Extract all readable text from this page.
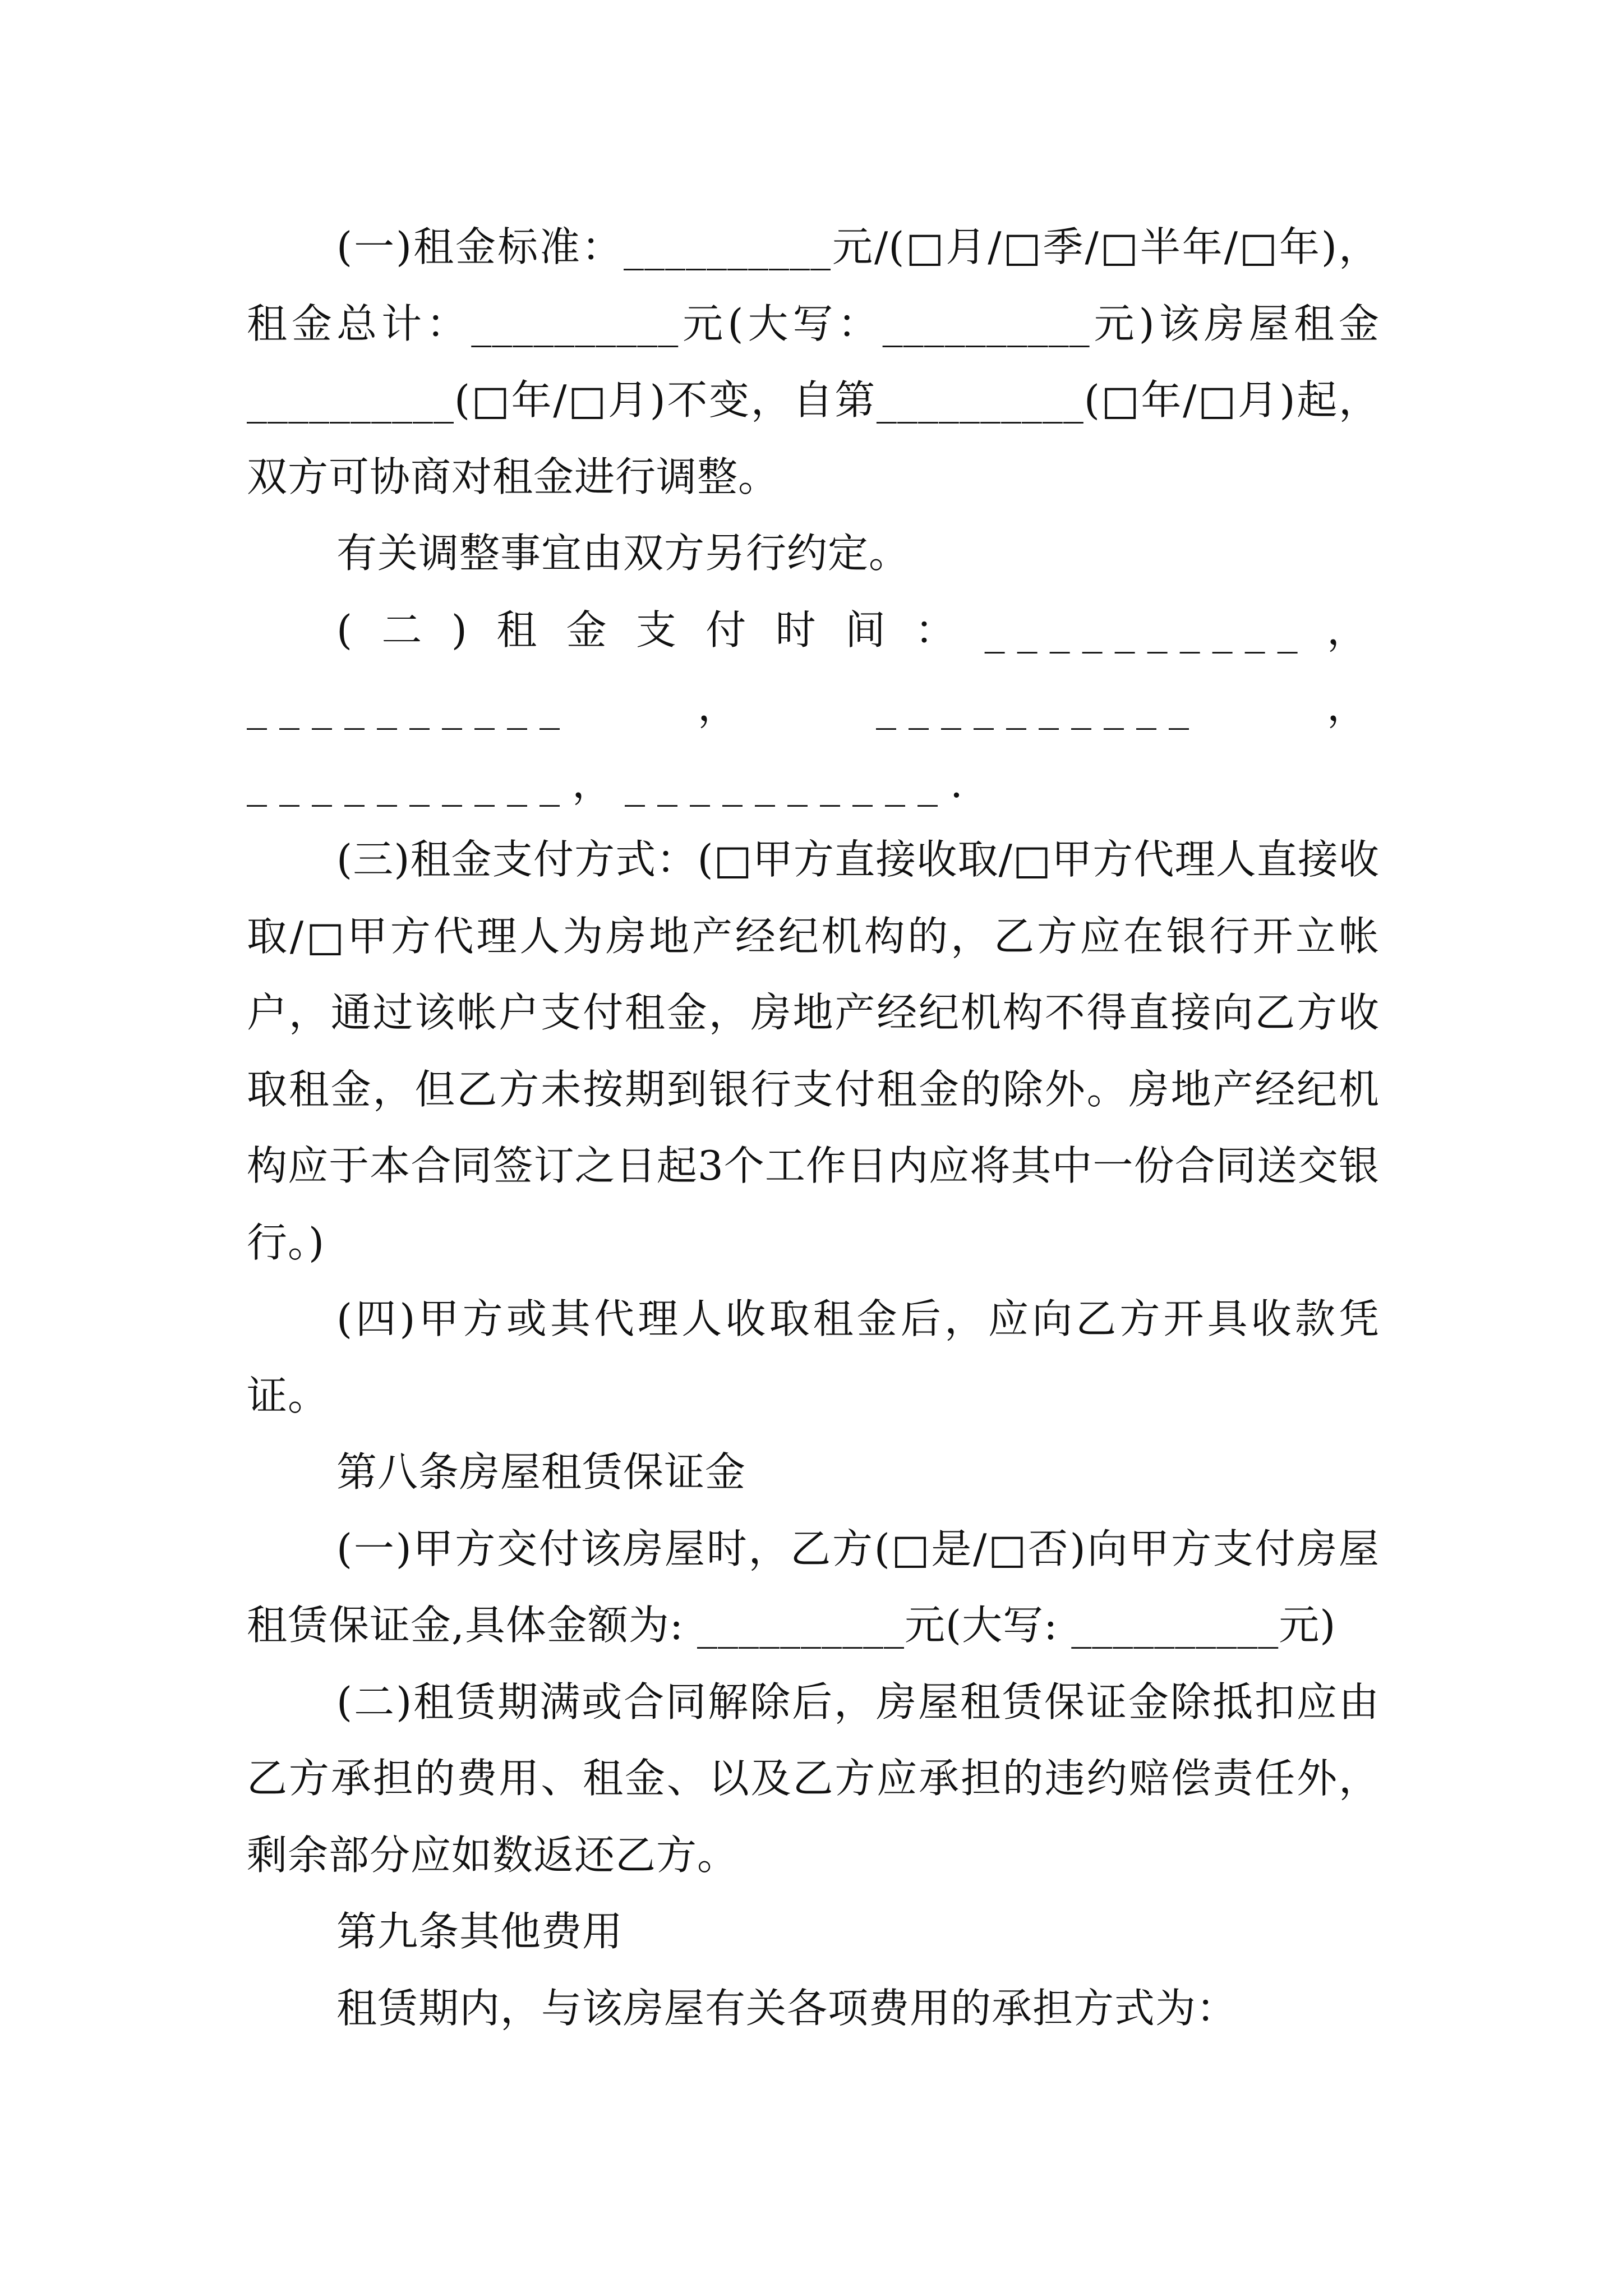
(一)租金标准：__________元/(□月/□季/□半年/□年)，租金总计：__________元(大写：__________元)该房屋租金__________(□年/□月)不变，自第__________(□年/□月)起，双方可协商对租金进行调整。

有关调整事宜由双方另行约定。

(二)租金支付时间：__________，__________，__________，__________，__________.

(三)租金支付方式：(□甲方直接收取/□甲方代理人直接收取/□甲方代理人为房地产经纪机构的，乙方应在银行开立帐户，通过该帐户支付租金，房地产经纪机构不得直接向乙方收取租金，但乙方未按期到银行支付租金的除外。房地产经纪机构应于本合同签订之日起3个工作日内应将其中一份合同送交银行。)

(四)甲方或其代理人收取租金后，应向乙方开具收款凭证。

第八条房屋租赁保证金

(一)甲方交付该房屋时，乙方(□是/□否)向甲方支付房屋租赁保证金,具体金额为: __________元(大写: __________元)

(二)租赁期满或合同解除后，房屋租赁保证金除抵扣应由乙方承担的费用、租金、以及乙方应承担的违约赔偿责任外，剩余部分应如数返还乙方。

第九条其他费用

租赁期内，与该房屋有关各项费用的承担方式为：
